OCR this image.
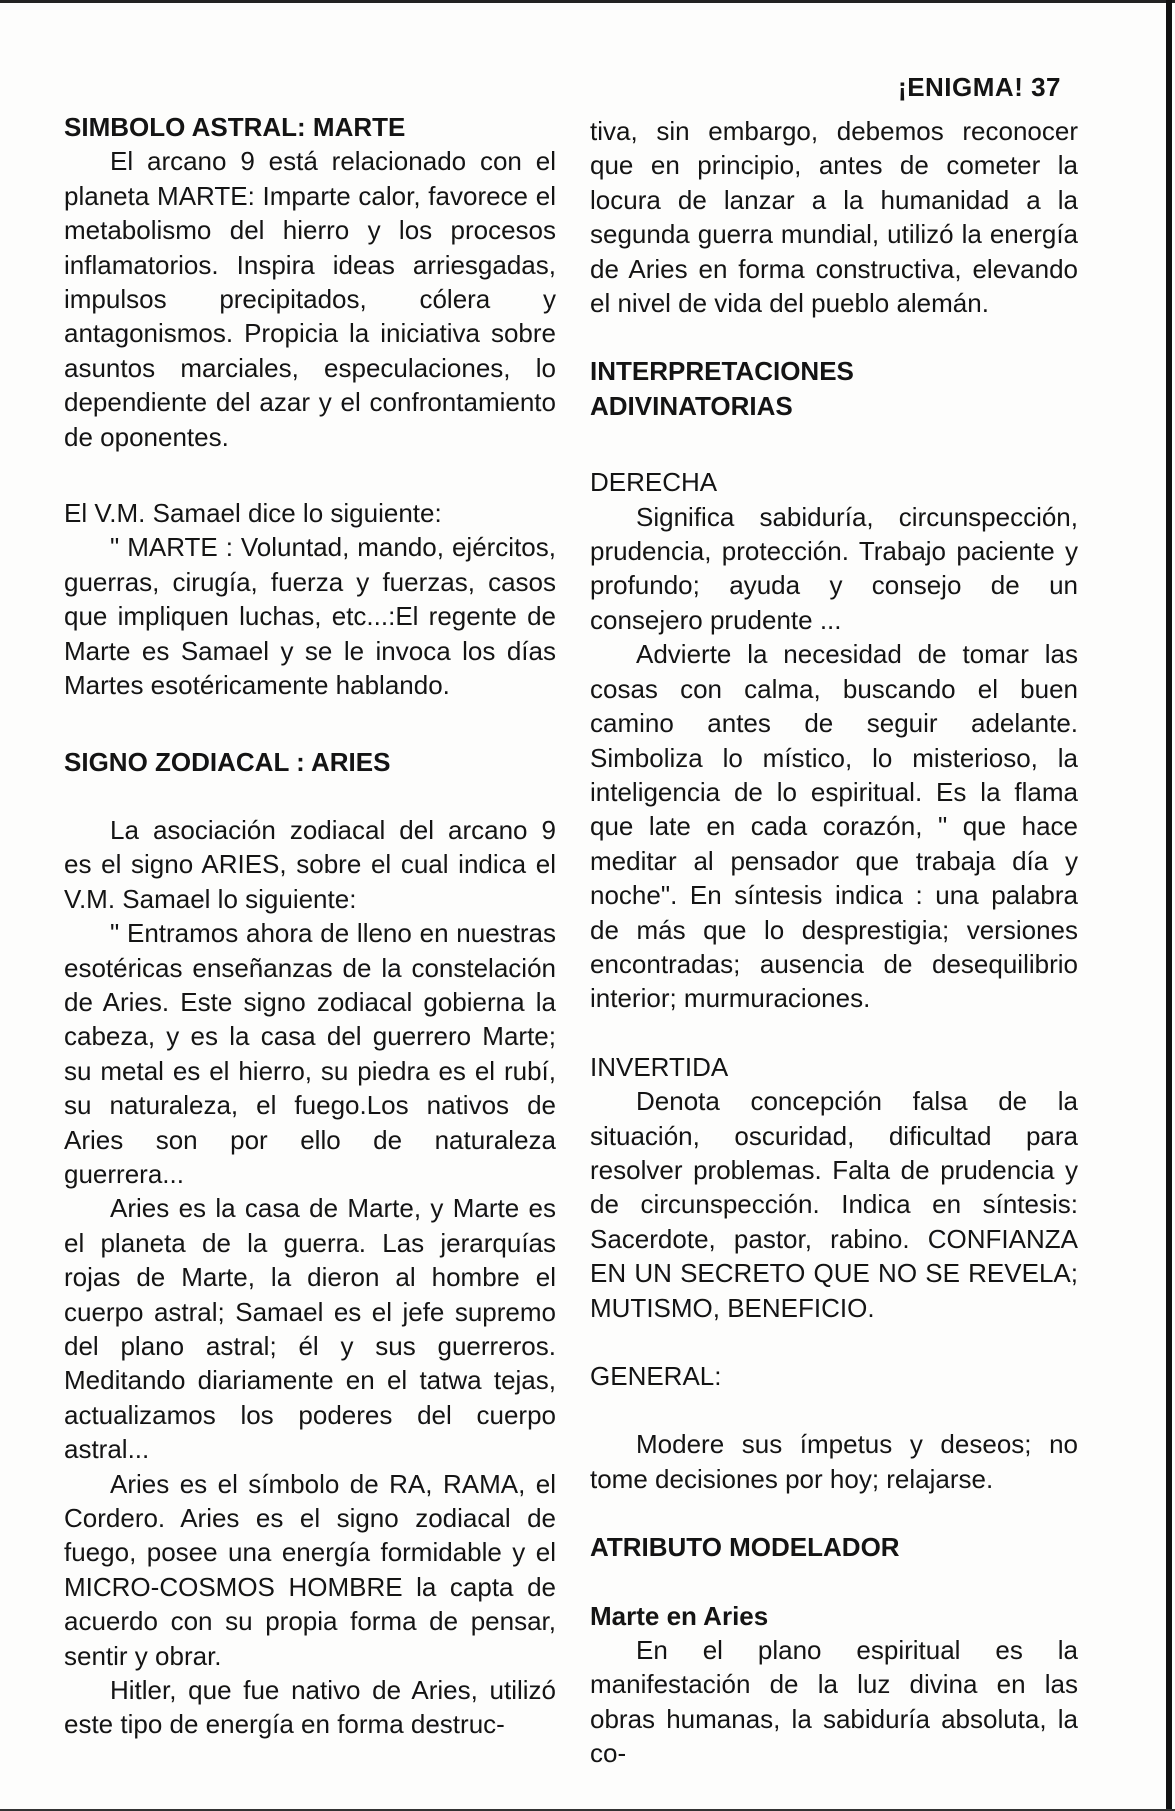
¡ENIGMA! 37

SIMBOLO ASTRAL: MARTE

El arcano 9 está relacionado con el planeta MARTE: Imparte calor, favorece el metabolismo del hierro y los procesos inflamatorios. Inspira ideas arriesgadas, impulsos precipitados, cólera y antagonismos. Propicia la iniciativa sobre asuntos marciales, especulaciones, lo dependiente del azar y el confrontamiento de oponentes.

El V.M. Samael dice lo siguiente:

" MARTE : Voluntad, mando, ejércitos, guerras, cirugía, fuerza y fuerzas, casos que impliquen luchas, etc...:El regente de Marte es Samael y se le invoca los días Martes esotéricamente hablando.

SIGNO ZODIACAL : ARIES

La asociación zodiacal del arcano 9 es el signo ARIES, sobre el cual indica el V.M. Samael lo siguiente:

" Entramos ahora de lleno en nuestras esotéricas enseñanzas de la constelación de Aries. Este signo zodiacal gobierna la cabeza, y es la casa del guerrero Marte; su metal es el hierro, su piedra es el rubí, su naturaleza, el fuego.Los nativos de Aries son por ello de naturaleza guerrera...

Aries es la casa de Marte, y Marte es el planeta de la guerra. Las jerarquías rojas de Marte, la dieron al hombre el cuerpo astral; Samael es el jefe supremo del plano astral; él y sus guerreros. Meditando diariamente en el tatwa tejas, actualizamos los poderes del cuerpo astral...

Aries es el símbolo de RA, RAMA, el Cordero. Aries es el signo zodiacal de fuego, posee una energía formidable y el MICRO-COSMOS HOMBRE la capta de acuerdo con su propia forma de pensar, sentir y obrar.

Hitler, que fue nativo de Aries, utilizó este tipo de energía en forma destruc-

tiva, sin embargo, debemos reconocer que en principio, antes de cometer la locura de lanzar a la humanidad a la segunda guerra mundial, utilizó la energía de Aries en forma constructiva, elevando el nivel de vida del pueblo alemán.

INTERPRETACIONES

ADIVINATORIAS

DERECHA

Significa sabiduría, circunspección, prudencia, protección. Trabajo paciente y profundo; ayuda y consejo de un consejero prudente ...

Advierte la necesidad de tomar las cosas con calma, buscando el buen camino antes de seguir adelante. Simboliza lo místico, lo misterioso, la inteligencia de lo espiritual. Es la flama que late en cada corazón, " que hace meditar al pensador que trabaja día y noche". En síntesis indica : una palabra de más que lo desprestigia; versiones encontradas; ausencia de desequilibrio interior; murmuraciones.

INVERTIDA

Denota concepción falsa de la situación, oscuridad, dificultad para resolver problemas. Falta de prudencia y de circunspección. Indica en síntesis: Sacerdote, pastor, rabino. CONFIANZA EN UN SECRETO QUE NO SE REVELA; MUTISMO, BENEFICIO.

GENERAL:

Modere sus ímpetus y deseos; no tome decisiones por hoy; relajarse.

ATRIBUTO MODELADOR

Marte en Aries

En el plano espiritual es la manifestación de la luz divina en las obras humanas, la sabiduría absoluta, la co-
